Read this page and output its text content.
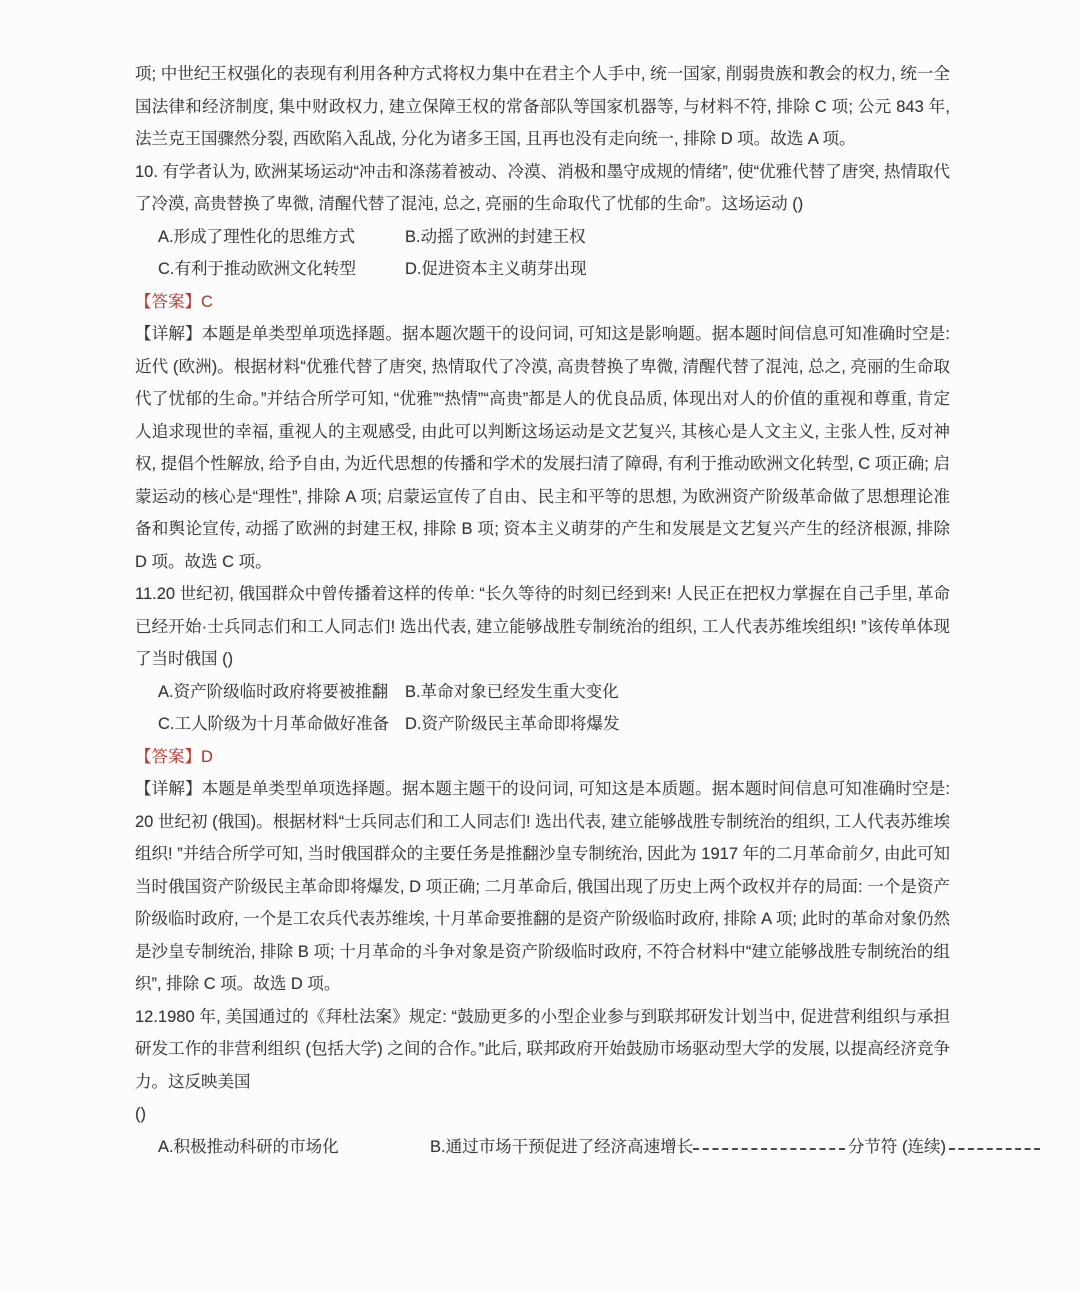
项; 中世纪王权强化的表现有利用各种方式将权力集中在君主个人手中, 统一国家, 削弱贵族和教会的权力, 统一全国法律和经济制度, 集中财政权力, 建立保障王权的常备部队等国家机器等, 与材料不符, 排除 C 项; 公元 843 年, 法兰克王国骤然分裂, 西欧陷入乱战, 分化为诸多王国, 且再也没有走向统一, 排除 D 项。故选 A 项。

10. 有学者认为, 欧洲某场运动“冲击和涤荡着被动、冷漠、消极和墨守成规的情绪”, 使“优雅代替了唐突, 热情取代了冷漠, 高贵替换了卑微, 清醒代替了混沌, 总之, 亮丽的生命取代了忧郁的生命”。这场运动 ()

A.形成了理性化的思维方式	B.动摇了欧洲的封建王权
C.有利于推动欧洲文化转型	D.促进资本主义萌芽出现

【答案】C

【详解】本题是单类型单项选择题。据本题次题干的设问词, 可知这是影响题。据本题时间信息可知准确时空是: 近代 (欧洲)。根据材料“优雅代替了唐突, 热情取代了冷漠, 高贵替换了卑微, 清醒代替了混沌, 总之, 亮丽的生命取代了忧郁的生命。”并结合所学可知, “优雅”“热情”“高贵”都是人的优良品质, 体现出对人的价值的重视和尊重, 肯定人追求现世的幸福, 重视人的主观感受, 由此可以判断这场运动是文艺复兴, 其核心是人文主义, 主张人性, 反对神权, 提倡个性解放, 给予自由, 为近代思想的传播和学术的发展扫清了障碍, 有利于推动欧洲文化转型, C 项正确; 启蒙运动的核心是“理性”, 排除 A 项; 启蒙运宣传了自由、民主和平等的思想, 为欧洲资产阶级革命做了思想理论准备和舆论宣传, 动摇了欧洲的封建王权, 排除 B 项; 资本主义萌芽的产生和发展是文艺复兴产生的经济根源, 排除 D 项。故选 C 项。

11.20 世纪初, 俄国群众中曾传播着这样的传单: “长久等待的时刻已经到来! 人民正在把权力掌握在自己手里, 革命已经开始·士兵同志们和工人同志们! 选出代表, 建立能够战胜专制统治的组织, 工人代表苏维埃组织! ”该传单体现了当时俄国 ()

A.资产阶级临时政府将要被推翻	B.革命对象已经发生重大变化
C.工人阶级为十月革命做好准备 D.资产阶级民主革命即将爆发

【答案】D

【详解】本题是单类型单项选择题。据本题主题干的设问词, 可知这是本质题。据本题时间信息可知准确时空是: 20 世纪初 (俄国)。根据材料“士兵同志们和工人同志们! 选出代表, 建立能够战胜专制统治的组织, 工人代表苏维埃组织! ”并结合所学可知, 当时俄国群众的主要任务是推翻沙皇专制统治, 因此为 1917 年的二月革命前夕, 由此可知当时俄国资产阶级民主革命即将爆发, D 项正确; 二月革命后, 俄国出现了历史上两个政权并存的局面: 一个是资产阶级临时政府, 一个是工农兵代表苏维埃, 十月革命要推翻的是资产阶级临时政府, 排除 A 项; 此时的革命对象仍然是沙皇专制统治, 排除 B 项; 十月革命的斗争对象是资产阶级临时政府, 不符合材料中“建立能够战胜专制统治的组织”, 排除 C 项。故选 D 项。

12.1980 年, 美国通过的《拜杜法案》规定: “鼓励更多的小型企业参与到联邦研发计划当中, 促进营利组织与承担研发工作的非营利组织 (包括大学) 之间的合作。”此后, 联邦政府开始鼓励市场驱动型大学的发展, 以提高经济竞争力。这反映美国

()

A.积极推动科研的市场化	B.通过市场干预促进了经济高速增长	分节符 (连续)
